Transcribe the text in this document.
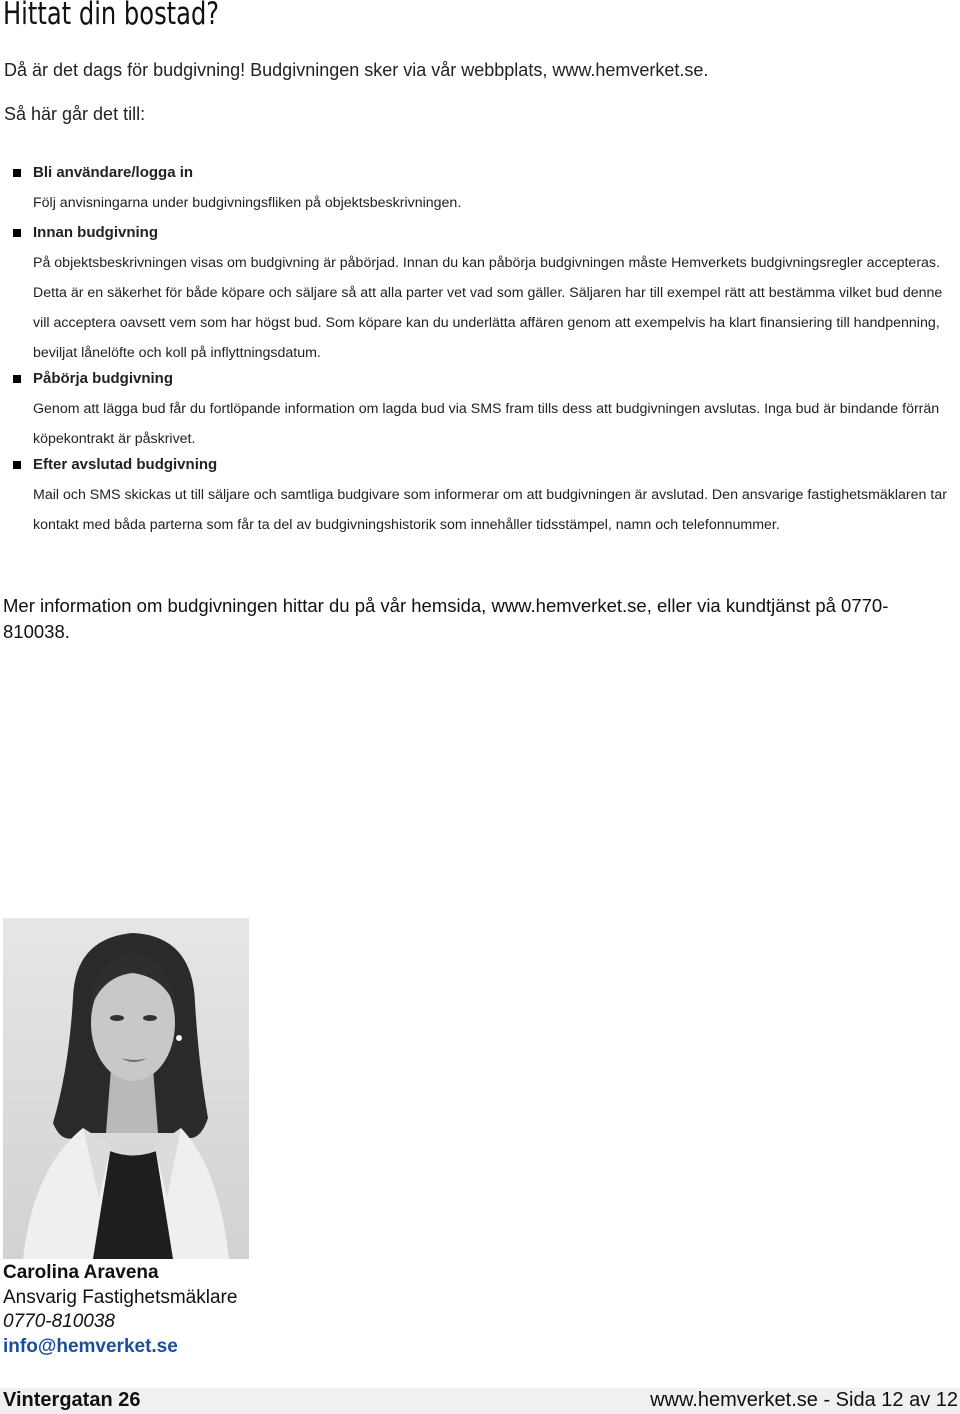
Hittat din bostad?

Då är det dags för budgivning! Budgivningen sker via vår webbplats, www.hemverket.se.

Så här går det till:

Bli användare/logga in
Följ anvisningarna under budgivningsfliken på objektsbeskrivningen.
Innan budgivning
På objektsbeskrivningen visas om budgivning är påbörjad. Innan du kan påbörja budgivningen måste Hemverkets budgivningsregler accepteras. Detta är en säkerhet för både köpare och säljare så att alla parter vet vad som gäller. Säljaren har till exempel rätt att bestämma vilket bud denne vill acceptera oavsett vem som har högst bud. Som köpare kan du underlätta affären genom att exempelvis ha klart finansiering till handpenning, beviljat lånelöfte och koll på inflyttningsdatum.
Påbörja budgivning
Genom att lägga bud får du fortlöpande information om lagda bud via SMS fram tills dess att budgivningen avslutas. Inga bud är bindande förrän köpekontrakt är påskrivet.
Efter avslutad budgivning
Mail och SMS skickas ut till säljare och samtliga budgivare som informerar om att budgivningen är avslutad. Den ansvarige fastighetsmäklaren tar kontakt med båda parterna som får ta del av budgivningshistorik som innehåller tidsstämpel, namn och telefonnummer.

Mer information om budgivningen hittar du på vår hemsida, www.hemverket.se, eller via kundtjänst på 0770-810038.

Carolina Aravena
Ansvarig Fastighetsmäklare
0770-810038
info@hemverket.se
Vintergatan 26	www.hemverket.se - Sida 12 av 12
